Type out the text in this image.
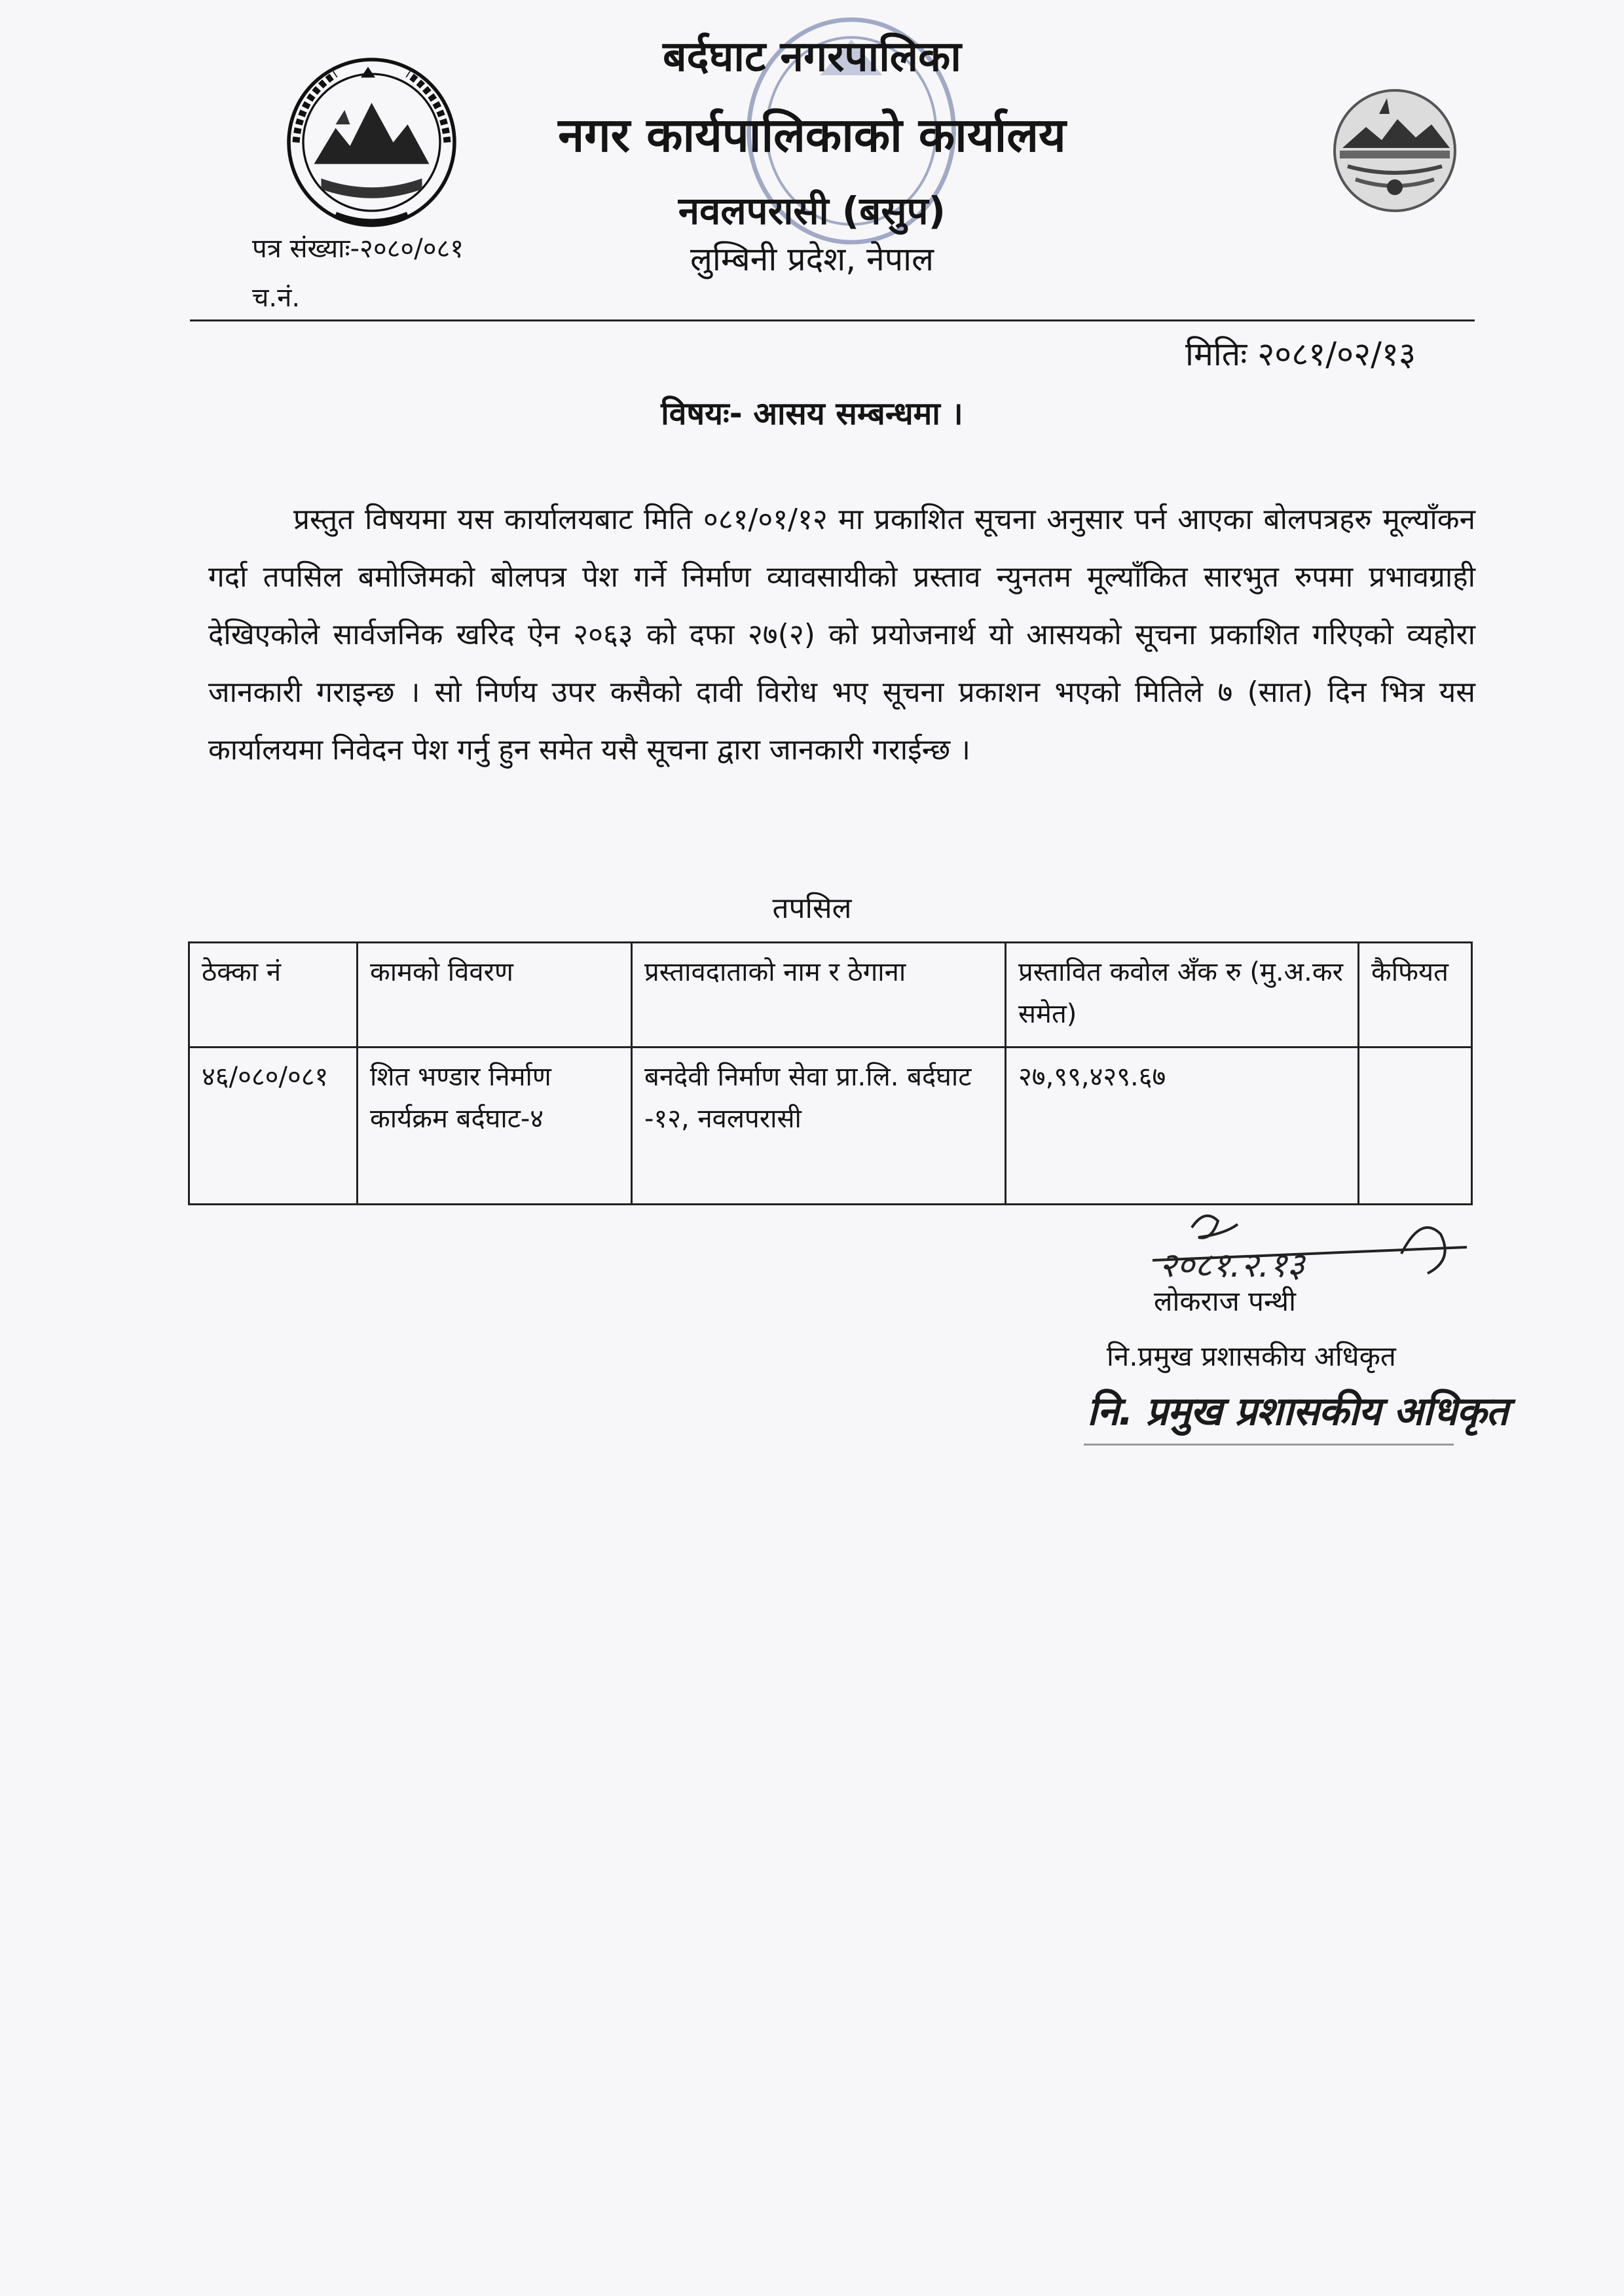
बर्दघाट नगरपालिका
नगर कार्यपालिकाको कार्यालय
नवलपरासी (बसुप)
लुम्बिनी प्रदेश, नेपाल
पत्र संख्याः-२०८०/०८१
च.नं.
मितिः २०८१/०२/१३
विषयः- आसय सम्बन्धमा ।

प्रस्तुत विषयमा यस कार्यालयबाट मिति ०८१/०१/१२ मा प्रकाशित सूचना अनुसार पर्न आएका बोलपत्रहरु मूल्याँकन गर्दा तपसिल बमोजिमको बोलपत्र पेश गर्ने निर्माण व्यावसायीको प्रस्ताव न्युनतम मूल्याँकित सारभुत रुपमा प्रभावग्राही देखिएकोले सार्वजनिक खरिद ऐन २०६३ को दफा २७(२) को प्रयोजनार्थ यो आसयको सूचना प्रकाशित गरिएको व्यहोरा जानकारी गराइन्छ । सो निर्णय उपर कसैको दावी विरोध भए सूचना प्रकाशन भएको मितिले ७ (सात) दिन भित्र यस कार्यालयमा निवेदन पेश गर्नु हुन समेत यसै सूचना द्वारा जानकारी गराईन्छ ।

तपसिल
ठेक्का नं	कामको विवरण	प्रस्तावदाताको नाम र ठेगाना	प्रस्तावित कवोल अँक रु (मु.अ.कर समेत)	कैफियत
४६/०८०/०८१	शित भण्डार निर्माण कार्यक्रम बर्दघाट-४	बनदेवी निर्माण सेवा प्रा.लि. बर्दघाट -१२, नवलपरासी	२७,९९,४२९.६७	
२०८१.२.१३
लोकराज पन्थी
नि.प्रमुख प्रशासकीय अधिकृत
नि. प्रमुख प्रशासकीय अधिकृत
